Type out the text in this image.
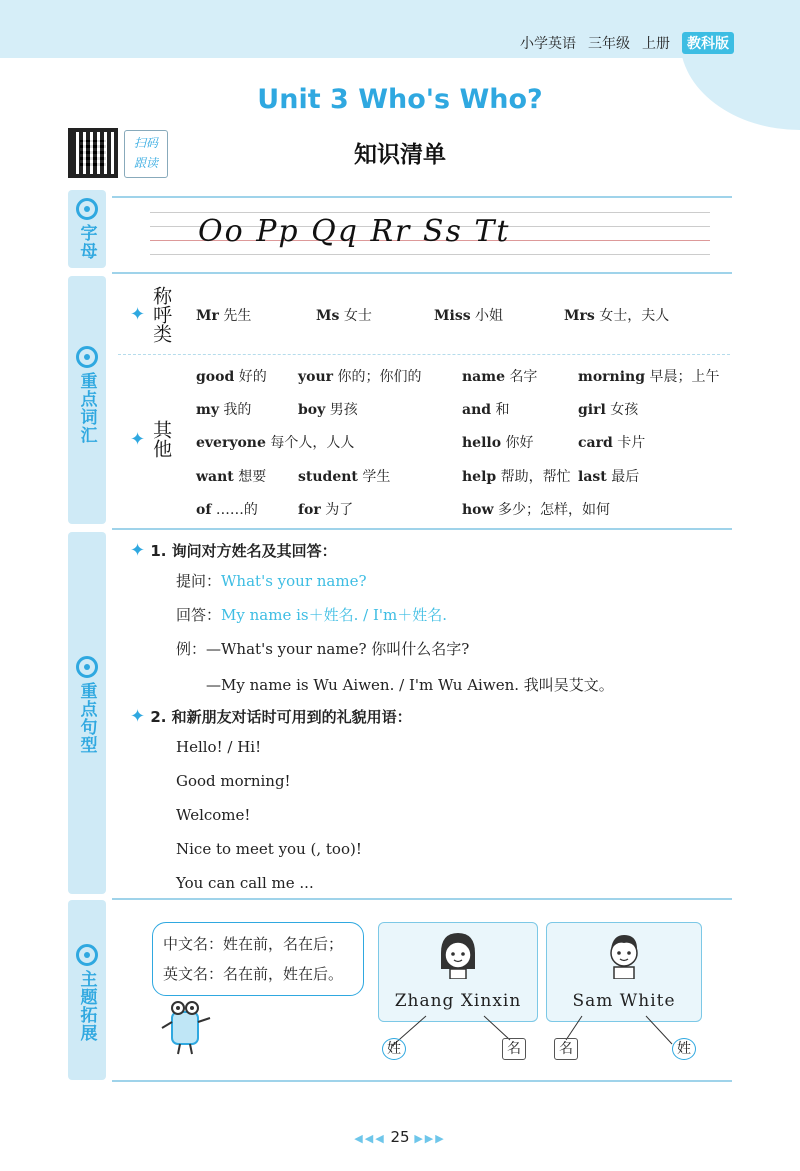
小学英语 三年级 上册	教科版
Unit 3 Who's Who?
扫码
跟读	知识清单
字母
重点词汇
重点句型
主题拓展
Oo Pp Qq Rr Ss Tt
✦ 称呼类 Mr 先生	Ms 女士	Miss 小姐	Mrs 女士，夫人
✦ 其他
good 好的 your 你的；你们的	name 名字	morning 早晨；上午
my 我的	boy 男孩	and 和	girl 女孩
everyone 每个人，人人	hello 你好	card 卡片
want 想要 student 学生	help 帮助，帮忙 last 最后
of ……的	for 为了	how 多少；怎样，如何
✦ 1. 询问对方姓名及其回答：
提问：What's your name?
回答：My name is＋姓名. / I'm＋姓名.
例：—What's your name? 你叫什么名字?
—My name is Wu Aiwen. / I'm Wu Aiwen. 我叫吴艾文。
✦ 2. 和新朋友对话时可用到的礼貌用语：
Hello! / Hi!
Good morning!
Welcome!
Nice to meet you (, too)!
You can call me ...
中文名：姓在前，名在后；
英文名：名在前，姓在后。
Zhang Xinxin	Sam White
姓	名	名	姓
◀◀◀ 25 ▶▶▶
